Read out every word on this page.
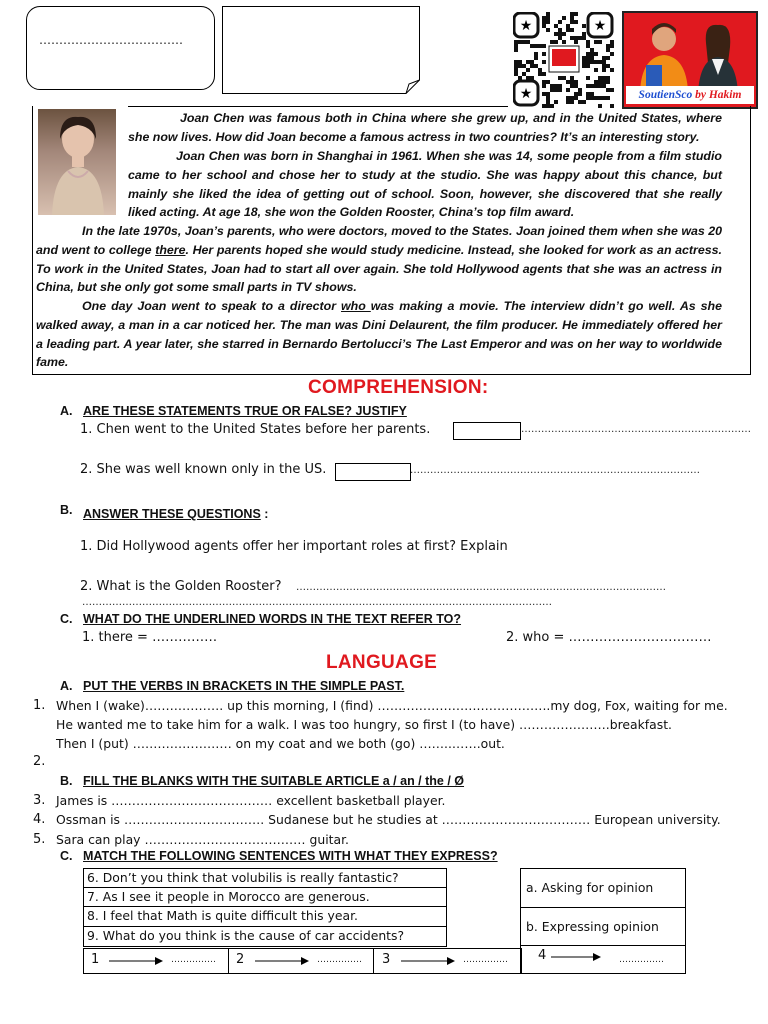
………………………………
★	★
★	SoutienSco by Hakim
Joan Chen was famous both in China where she grew up, and in the United States, where she now lives. How did Joan become a famous actress in two countries? It’s an interesting story.
Joan Chen was born in Shanghai in 1961. When she was 14, some people from a film studio came to her school and chose her to study at the studio. She was happy about this chance, but mainly she liked the idea of getting out of school. Soon, however, she discovered that she really liked acting. At age 18, she won the Golden Rooster, China’s top film award.
In the late 1970s, Joan’s parents, who were doctors, moved to the States. Joan joined them when she was 20 and went to college there. Her parents hoped she would study medicine. Instead, she looked for work as an actress. To work in the United States, Joan had to start all over again. She told Hollywood agents that she was an actress in China, but she only got some small parts in TV shows.
One day Joan went to speak to a director who was making a movie. The interview didn’t go well. As she walked away, a man in a car noticed her. The man was Dini Delaurent, the film producer. He immediately offered her a leading part. A year later, she starred in Bernardo Bertolucci’s The Last Emperor and was on her way to worldwide fame.
COMPREHENSION:
A. ARE THESE STATEMENTS TRUE OR FALSE? JUSTIFY
1. Chen went to the United States before her parents.	……………………………………………………………
2. She was well known only in the US.	……………………………………………………………………………
B. ANSWER THESE QUESTIONS :
1. Did Hollywood agents offer her important roles at first? Explain
2. What is the Golden Rooster? …………………………………………………………………………………………………
……………………………………………………………………………………………………………………………
C. WHAT DO THE UNDERLINED WORDS IN THE TEXT REFER TO?
1. there = ……………	2. who = ……………………………
LANGUAGE
A. PUT THE VERBS IN BRACKETS IN THE SIMPLE PAST.
1. When I (wake)………………. up this morning, I (find) …………………….……………..my dog, Fox, waiting for me.
He wanted me to take him for a walk. I was too hungry, so first I (to have) ………………….breakfast.
Then I (put) …………………… on my coat and we both (go) ……..…….out.
2.
B. FILL THE BLANKS WITH THE SUITABLE ARTICLE a / an / the / Ø
3. James is ………………………………… excellent basketball player.
4. Ossman is ……………………………. Sudanese but he studies at ……………………………… European university.
5. Sara can play ………………………………… guitar.
C. MATCH THE FOLLOWING SENTENCES WITH WHAT THEY EXPRESS?
6. Don’t you think that volubilis is really fantastic?
7. As I see it people in Morocco are generous.
8. I feel that Math is quite difficult this year.
9. What do you think is the cause of car accidents?
a. Asking for opinion
b. Expressing opinion
1	…………… 2	…………… 3	…………… 4	……………
